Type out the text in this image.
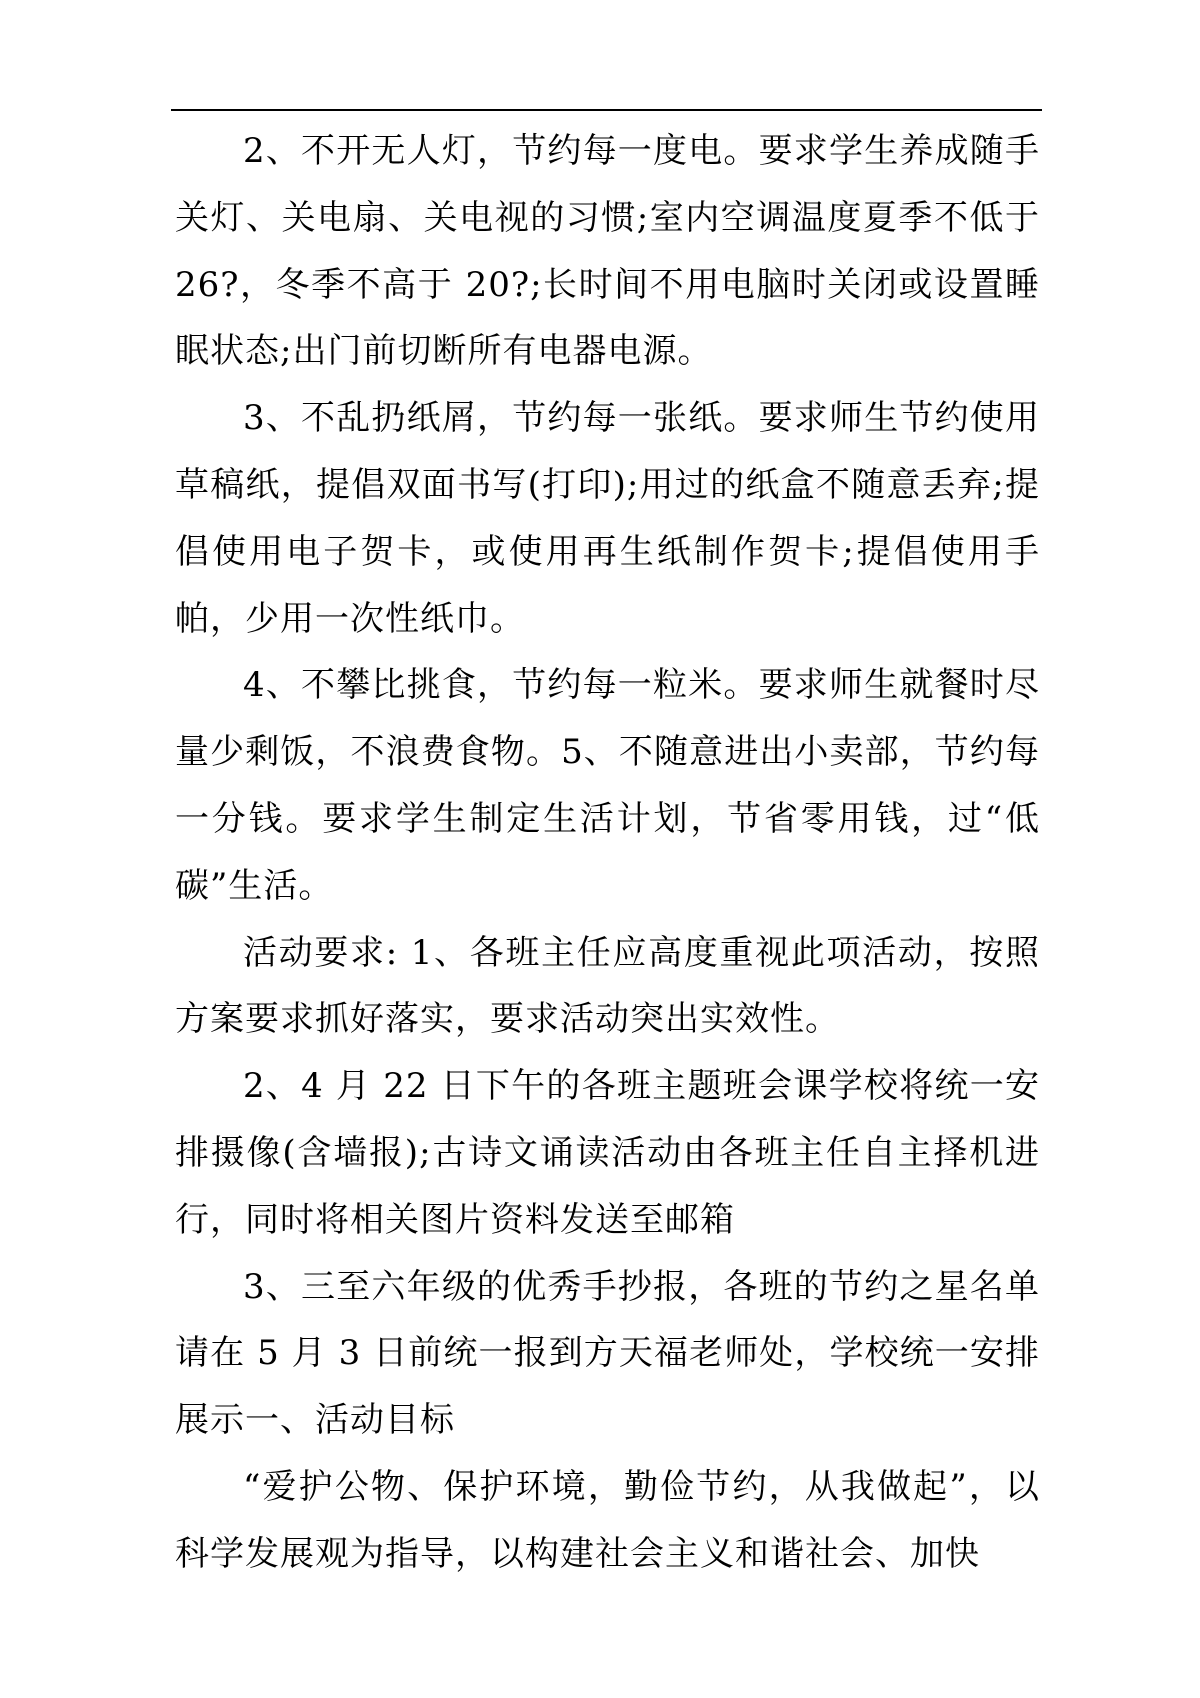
2、不开无人灯，节约每一度电。要求学生养成随手关灯、关电扇、关电视的习惯;室内空调温度夏季不低于 26?，冬季不高于 20?;长时间不用电脑时关闭或设置睡眠状态;出门前切断所有电器电源。

3、不乱扔纸屑，节约每一张纸。要求师生节约使用草稿纸，提倡双面书写(打印);用过的纸盒不随意丢弃;提倡使用电子贺卡，或使用再生纸制作贺卡;提倡使用手帕，少用一次性纸巾。

4、不攀比挑食，节约每一粒米。要求师生就餐时尽量少剩饭，不浪费食物。5、不随意进出小卖部，节约每一分钱。要求学生制定生活计划，节省零用钱，过“低碳”生活。

活动要求: 1、各班主任应高度重视此项活动，按照方案要求抓好落实，要求活动突出实效性。

2、4 月 22 日下午的各班主题班会课学校将统一安排摄像(含墙报);古诗文诵读活动由各班主任自主择机进行，同时将相关图片资料发送至邮箱

3、三至六年级的优秀手抄报，各班的节约之星名单请在 5 月 3 日前统一报到方天福老师处，学校统一安排展示一、活动目标

“爱护公物、保护环境，勤俭节约，从我做起”，以科学发展观为指导，以构建社会主义和谐社会、加快
